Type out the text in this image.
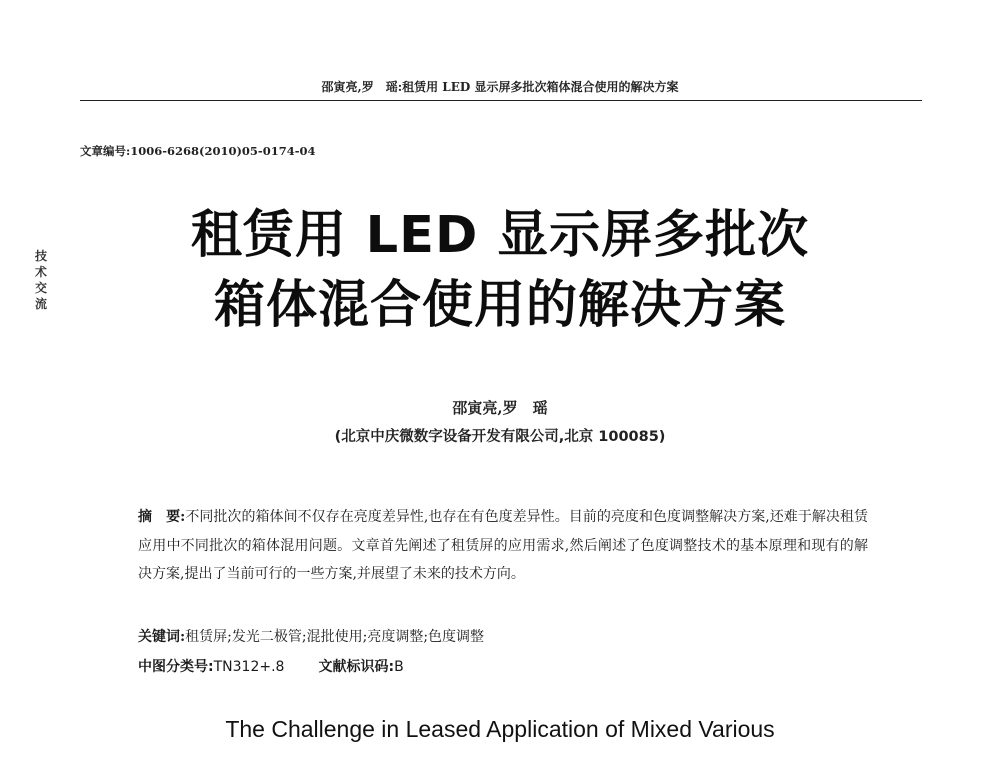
邵寅亮,罗　瑶:租赁用 LED 显示屏多批次箱体混合使用的解决方案
文章编号:1006-6268(2010)05-0174-04
技
术
交
流
租赁用 LED 显示屏多批次
箱体混合使用的解决方案
邵寅亮,罗　瑶
(北京中庆微数字设备开发有限公司,北京 100085)
摘　要:不同批次的箱体间不仅存在亮度差异性,也存在有色度差异性。目前的亮度和色度调整解决方案,还难于解决租赁应用中不同批次的箱体混用问题。文章首先阐述了租赁屏的应用需求,然后阐述了色度调整技术的基本原理和现有的解决方案,提出了当前可行的一些方案,并展望了未来的技术方向。
关键词:租赁屏;发光二极管;混批使用;亮度调整;色度调整
中图分类号:TN312+.8 文献标识码:B
The Challenge in Leased Application of Mixed Various
